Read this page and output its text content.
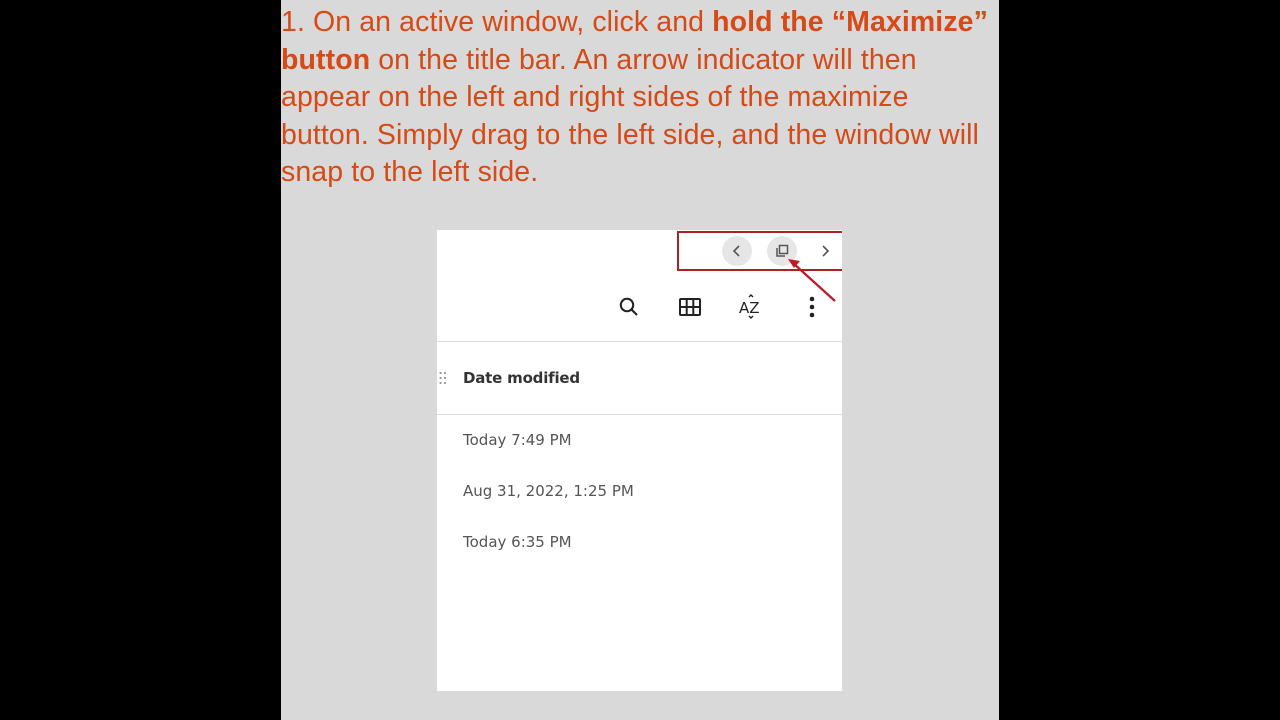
1. On an active window, click and hold the “Maximize” button on the title bar. An arrow indicator will then appear on the left and right sides of the maximize button. Simply drag to the left side, and the window will snap to the left side.

AZ
Date modified
Today 7:49 PM
Aug 31, 2022, 1:25 PM
Today 6:35 PM
